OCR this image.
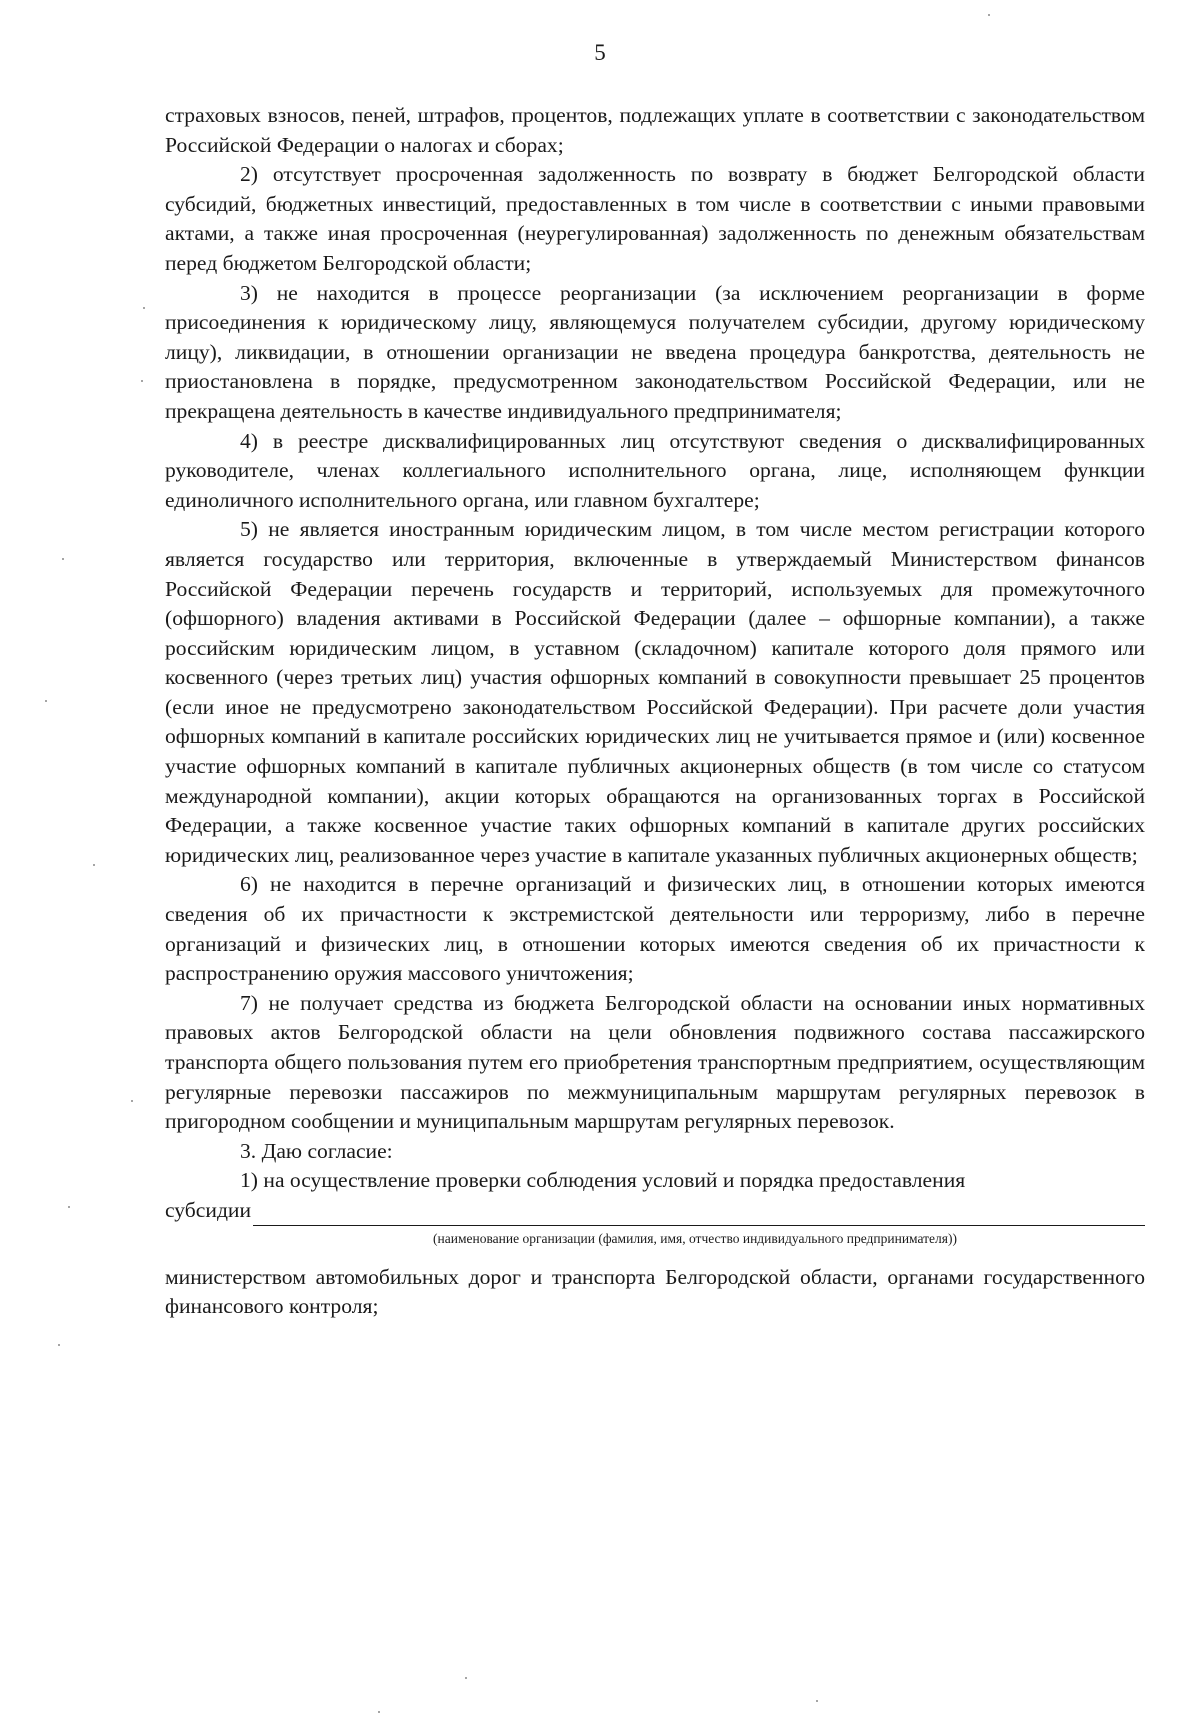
5

страховых взносов, пеней, штрафов, процентов, подлежащих уплате в соответствии с законодательством Российской Федерации о налогах и сборах;

2) отсутствует просроченная задолженность по возврату в бюджет Белгородской области субсидий, бюджетных инвестиций, предоставленных в том числе в соответствии с иными правовыми актами, а также иная просроченная (неурегулированная) задолженность по денежным обязательствам перед бюджетом Белгородской области;

3) не находится в процессе реорганизации (за исключением реорганизации в форме присоединения к юридическому лицу, являющемуся получателем субсидии, другому юридическому лицу), ликвидации, в отношении организации не введена процедура банкротства, деятельность не приостановлена в порядке, предусмотренном законодательством Российской Федерации, или не прекращена деятельность в качестве индивидуального предпринимателя;

4) в реестре дисквалифицированных лиц отсутствуют сведения о дисквалифицированных руководителе, членах коллегиального исполнительного органа, лице, исполняющем функции единоличного исполнительного органа, или главном бухгалтере;

5) не является иностранным юридическим лицом, в том числе местом регистрации которого является государство или территория, включенные в утверждаемый Министерством финансов Российской Федерации перечень государств и территорий, используемых для промежуточного (офшорного) владения активами в Российской Федерации (далее – офшорные компании), а также российским юридическим лицом, в уставном (складочном) капитале которого доля прямого или косвенного (через третьих лиц) участия офшорных компаний в совокупности превышает 25 процентов (если иное не предусмотрено законодательством Российской Федерации). При расчете доли участия офшорных компаний в капитале российских юридических лиц не учитывается прямое и (или) косвенное участие офшорных компаний в капитале публичных акционерных обществ (в том числе со статусом международной компании), акции которых обращаются на организованных торгах в Российской Федерации, а также косвенное участие таких офшорных компаний в капитале других российских юридических лиц, реализованное через участие в капитале указанных публичных акционерных обществ;

6) не находится в перечне организаций и физических лиц, в отношении которых имеются сведения об их причастности к экстремистской деятельности или терроризму, либо в перечне организаций и физических лиц, в отношении которых имеются сведения об их причастности к распространению оружия массового уничтожения;

7) не получает средства из бюджета Белгородской области на основании иных нормативных правовых актов Белгородской области на цели обновления подвижного состава пассажирского транспорта общего пользования путем его приобретения транспортным предприятием, осуществляющим регулярные перевозки пассажиров по межмуниципальным маршрутам регулярных перевозок в пригородном сообщении и муниципальным маршрутам регулярных перевозок.

3. Даю согласие:

1) на осуществление проверки соблюдения условий и порядка предоставления

субсидии
(наименование организации (фамилия, имя, отчество индивидуального предпринимателя))

министерством автомобильных дорог и транспорта Белгородской области, органами государственного финансового контроля;
